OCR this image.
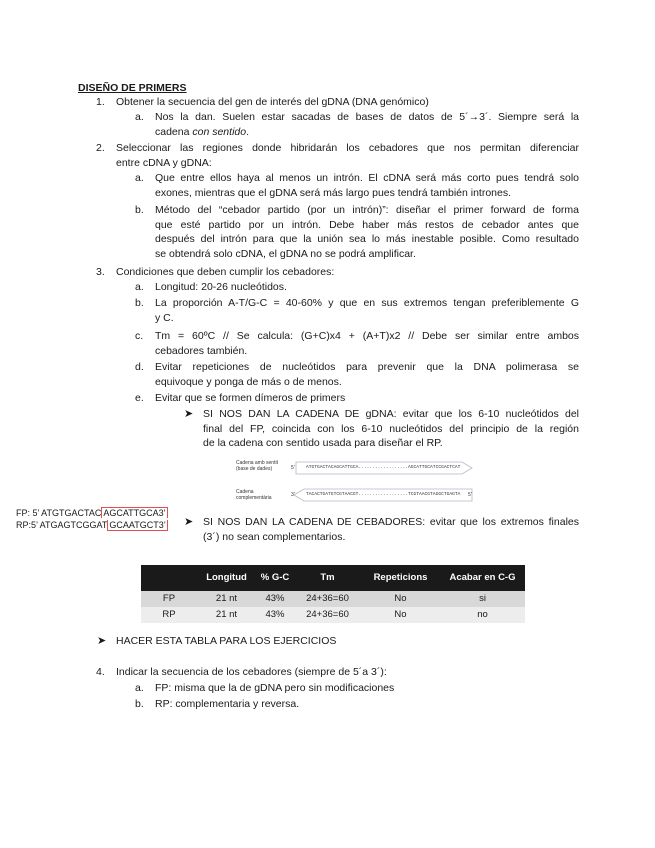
DISEÑO DE PRIMERS
1. Obtener la secuencia del gen de interés del gDNA (DNA genómico)
a. Nos la dan. Suelen estar sacadas de bases de datos de 5´→3´. Siempre será la
cadena con sentido.
2. Seleccionar las regiones donde hibridarán los cebadores que nos permitan diferenciar
entre cDNA y gDNA:
a. Que entre ellos haya al menos un intrón. El cDNA será más corto pues tendrá solo
exones, mientras que el gDNA será más largo pues tendrá también intrones.
b. Método del “cebador partido (por un intrón)”: diseñar el primer forward de forma
que esté partido por un intrón. Debe haber más restos de cebador antes que
después del intrón para que la unión sea lo más inestable posible. Como resultado
se obtendrá solo cDNA, el gDNA no se podrá amplificar.
3. Condiciones que deben cumplir los cebadores:
a. Longitud: 20-26 nucleótidos.
b. La proporción A-T/G-C = 40-60% y que en sus extremos tengan preferiblemente G
y C.
c. Tm = 60ºC // Se calcula: (G+C)x4 + (A+T)x2 // Debe ser similar entre ambos
cebadores también.
d. Evitar repeticiones de nucleótidos para prevenir que la DNA polimerasa se
equivoque y ponga de más o de menos.
e. Evitar que se formen dímeros de primers
➤ SI NOS DAN LA CADENA DE gDNA: evitar que los 6-10 nucleótidos del
final del FP, coincida con los 6-10 nucleótidos del principio de la región
de la cadena con sentido usada para diseñar el RP.
Cadena amb sentit
(base de dades)
Cadena
complementària
5' ATGTGACTACAGCATTGCA..................AGCATTGCATCCGACTCAT
3' TACACTGATGTCGTAACGT..................TCGTAACGTAGGCTGAGTA 5'
FP: 5’ ATGTGACTAC AGCATTGCA3’
RP:5’ ATGAGTCGGAT GCAATGCT3’ ➤ SI NOS DAN LA CADENA DE CEBADORES: evitar que los extremos finales
(3´) no sean complementarios.
	Longitud	% G-C	Tm	Repeticions	Acabar en C-G
FP	21 nt	43%	24+36=60	No	si
RP	21 nt	43%	24+36=60	No	no
➤ HACER ESTA TABLA PARA LOS EJERCICIOS
4. Indicar la secuencia de los cebadores (siempre de 5´a 3´):
a. FP: misma que la de gDNA pero sin modificaciones
b. RP: complementaria y reversa.
